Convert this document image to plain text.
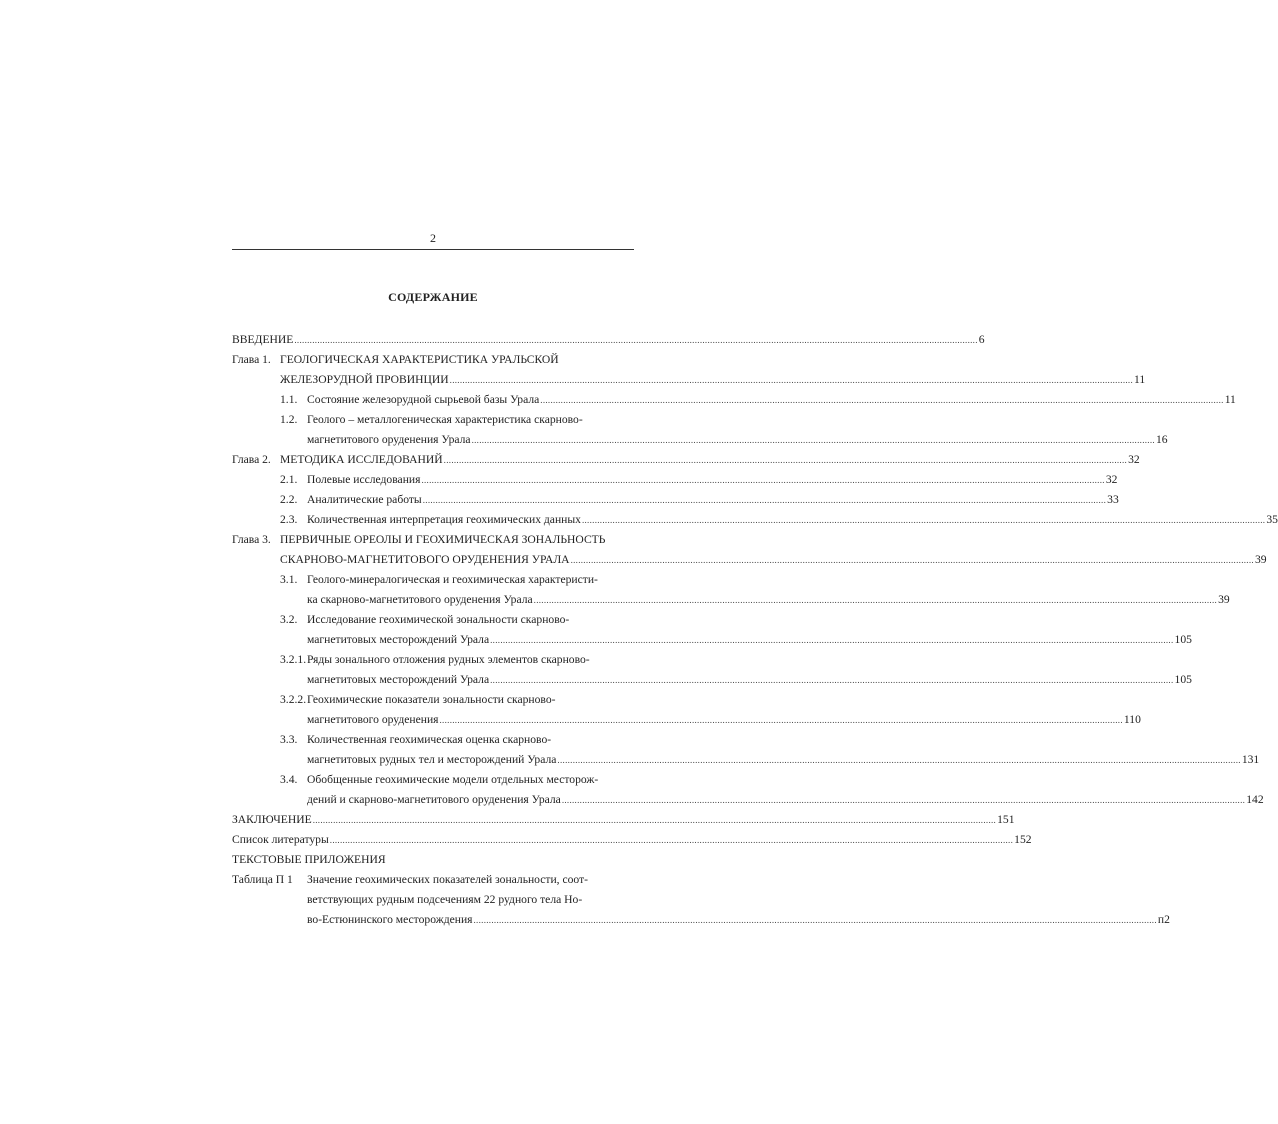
2
СОДЕРЖАНИЕ
ВВЕДЕНИЕ .....	6
Глава 1. ГЕОЛОГИЧЕСКАЯ ХАРАКТЕРИСТИКА УРАЛЬСКОЙ
ЖЕЛЕЗОРУДНОЙ ПРОВИНЦИИ .....	11
1.1. Состояние железорудной сырьевой базы Урала .....	11
1.2. Геолого – металлогеническая характеристика скарново-
магнетитового оруденения Урала .....	16
Глава 2. МЕТОДИКА ИССЛЕДОВАНИЙ .....	32
2.1. Полевые исследования .....	32
2.2. Аналитические работы .....	33
2.3. Количественная интерпретация геохимических данных .....	35
Глава 3. ПЕРВИЧНЫЕ ОРЕОЛЫ И ГЕОХИМИЧЕСКАЯ ЗОНАЛЬНОСТЬ
СКАРНОВО-МАГНЕТИТОВОГО ОРУДЕНЕНИЯ УРАЛА .....	39
3.1. Геолого-минералогическая и геохимическая характеристи-
ка скарново-магнетитового оруденения Урала .....	39
3.2. Исследование геохимической зональности скарново-
магнетитовых месторождений Урала .....	105
3.2.1. Ряды зонального отложения рудных элементов скарново-
магнетитовых месторождений Урала .....	105
3.2.2. Геохимические показатели зональности скарново-
магнетитового оруденения .....	110
3.3. Количественная геохимическая оценка скарново-
магнетитовых рудных тел и месторождений Урала .....	131
3.4. Обобщенные геохимические модели отдельных месторож-
дений и скарново-магнетитового оруденения Урала .....	142
ЗАКЛЮЧЕНИЕ .....	151
Список литературы .....	152
ТЕКСТОВЫЕ ПРИЛОЖЕНИЯ
Таблица П 1	Значение геохимических показателей зональности, соот-
ветствующих рудным подсечениям 22 рудного тела Но-
во-Естюнинского месторождения .....	п2
